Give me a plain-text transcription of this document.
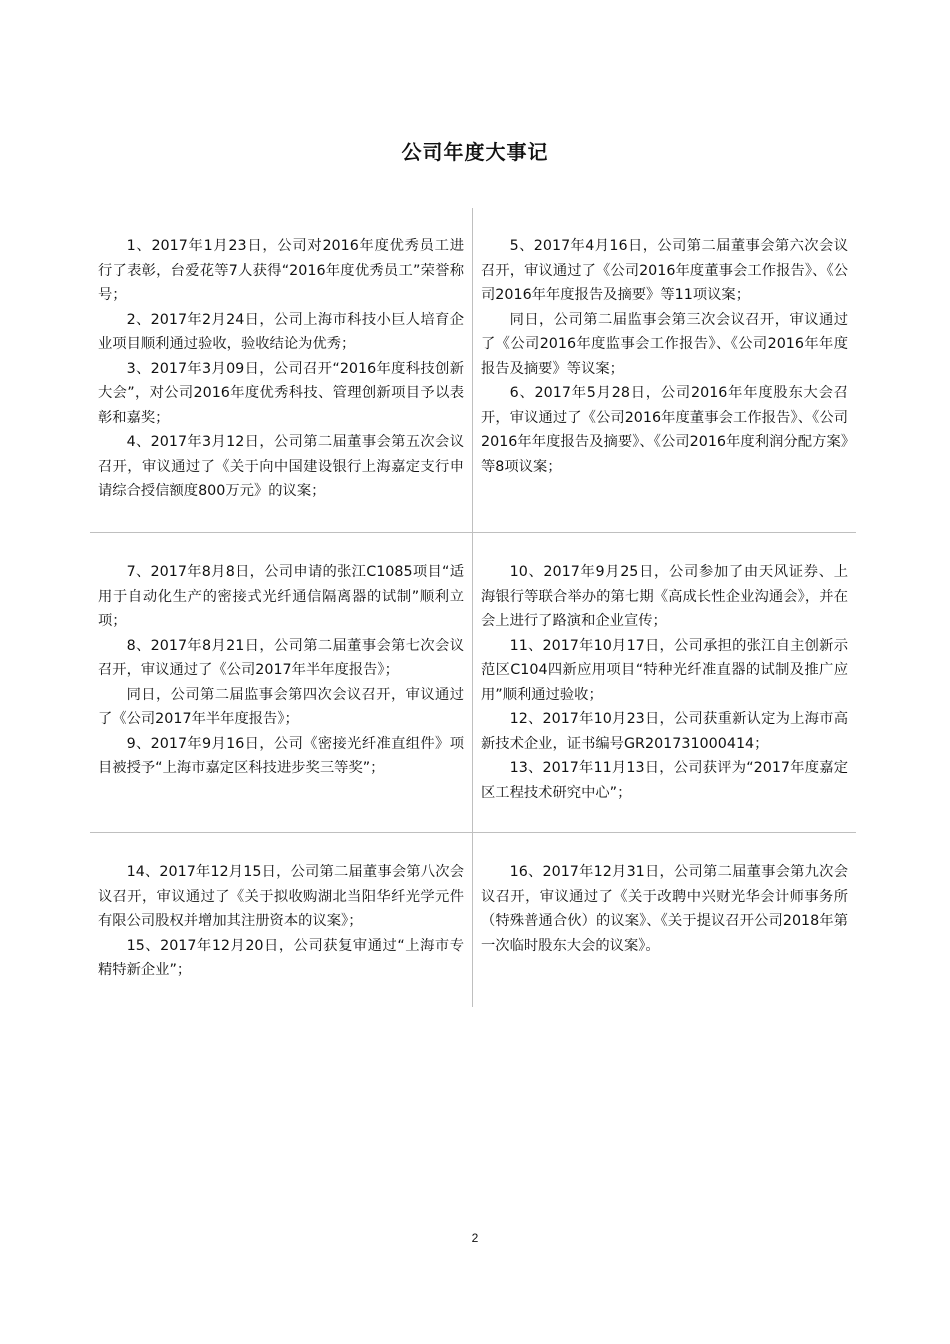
公司年度大事记

1、2017年1月23日，公司对2016年度优秀员工进行了表彰，台爱花等7人获得“2016年度优秀员工”荣誉称号；

2、2017年2月24日，公司上海市科技小巨人培育企业项目顺利通过验收，验收结论为优秀；

3、2017年3月09日，公司召开“2016年度科技创新大会”，对公司2016年度优秀科技、管理创新项目予以表彰和嘉奖；

4、2017年3月12日，公司第二届董事会第五次会议召开，审议通过了《关于向中国建设银行上海嘉定支行申请综合授信额度800万元》的议案；

5、2017年4月16日，公司第二届董事会第六次会议召开，审议通过了《公司2016年度董事会工作报告》、《公司2016年年度报告及摘要》等11项议案；

同日，公司第二届监事会第三次会议召开，审议通过了《公司2016年度监事会工作报告》、《公司2016年年度报告及摘要》等议案；

6、2017年5月28日，公司2016年年度股东大会召开，审议通过了《公司2016年度董事会工作报告》、《公司2016年年度报告及摘要》、《公司2016年度利润分配方案》等8项议案；

7、2017年8月8日，公司申请的张江C1085项目“适用于自动化生产的密接式光纤通信隔离器的试制”顺利立项；

8、2017年8月21日，公司第二届董事会第七次会议召开，审议通过了《公司2017年半年度报告》；

同日，公司第二届监事会第四次会议召开，审议通过了《公司2017年半年度报告》；

9、2017年9月16日，公司《密接光纤准直组件》项目被授予“上海市嘉定区科技进步奖三等奖”；

10、2017年9月25日，公司参加了由天风证券、上海银行等联合举办的第七期《高成长性企业沟通会》，并在会上进行了路演和企业宣传；

11、2017年10月17日，公司承担的张江自主创新示范区C104四新应用项目“特种光纤准直器的试制及推广应用”顺利通过验收；

12、2017年10月23日，公司获重新认定为上海市高新技术企业，证书编号GR201731000414；

13、2017年11月13日，公司获评为“2017年度嘉定区工程技术研究中心”；

14、2017年12月15日，公司第二届董事会第八次会议召开，审议通过了《关于拟收购湖北当阳华纤光学元件有限公司股权并增加其注册资本的议案》；

15、2017年12月20日，公司获复审通过“上海市专精特新企业”；

16、2017年12月31日，公司第二届董事会第九次会议召开，审议通过了《关于改聘中兴财光华会计师事务所（特殊普通合伙）的议案》、《关于提议召开公司2018年第一次临时股东大会的议案》。

2
